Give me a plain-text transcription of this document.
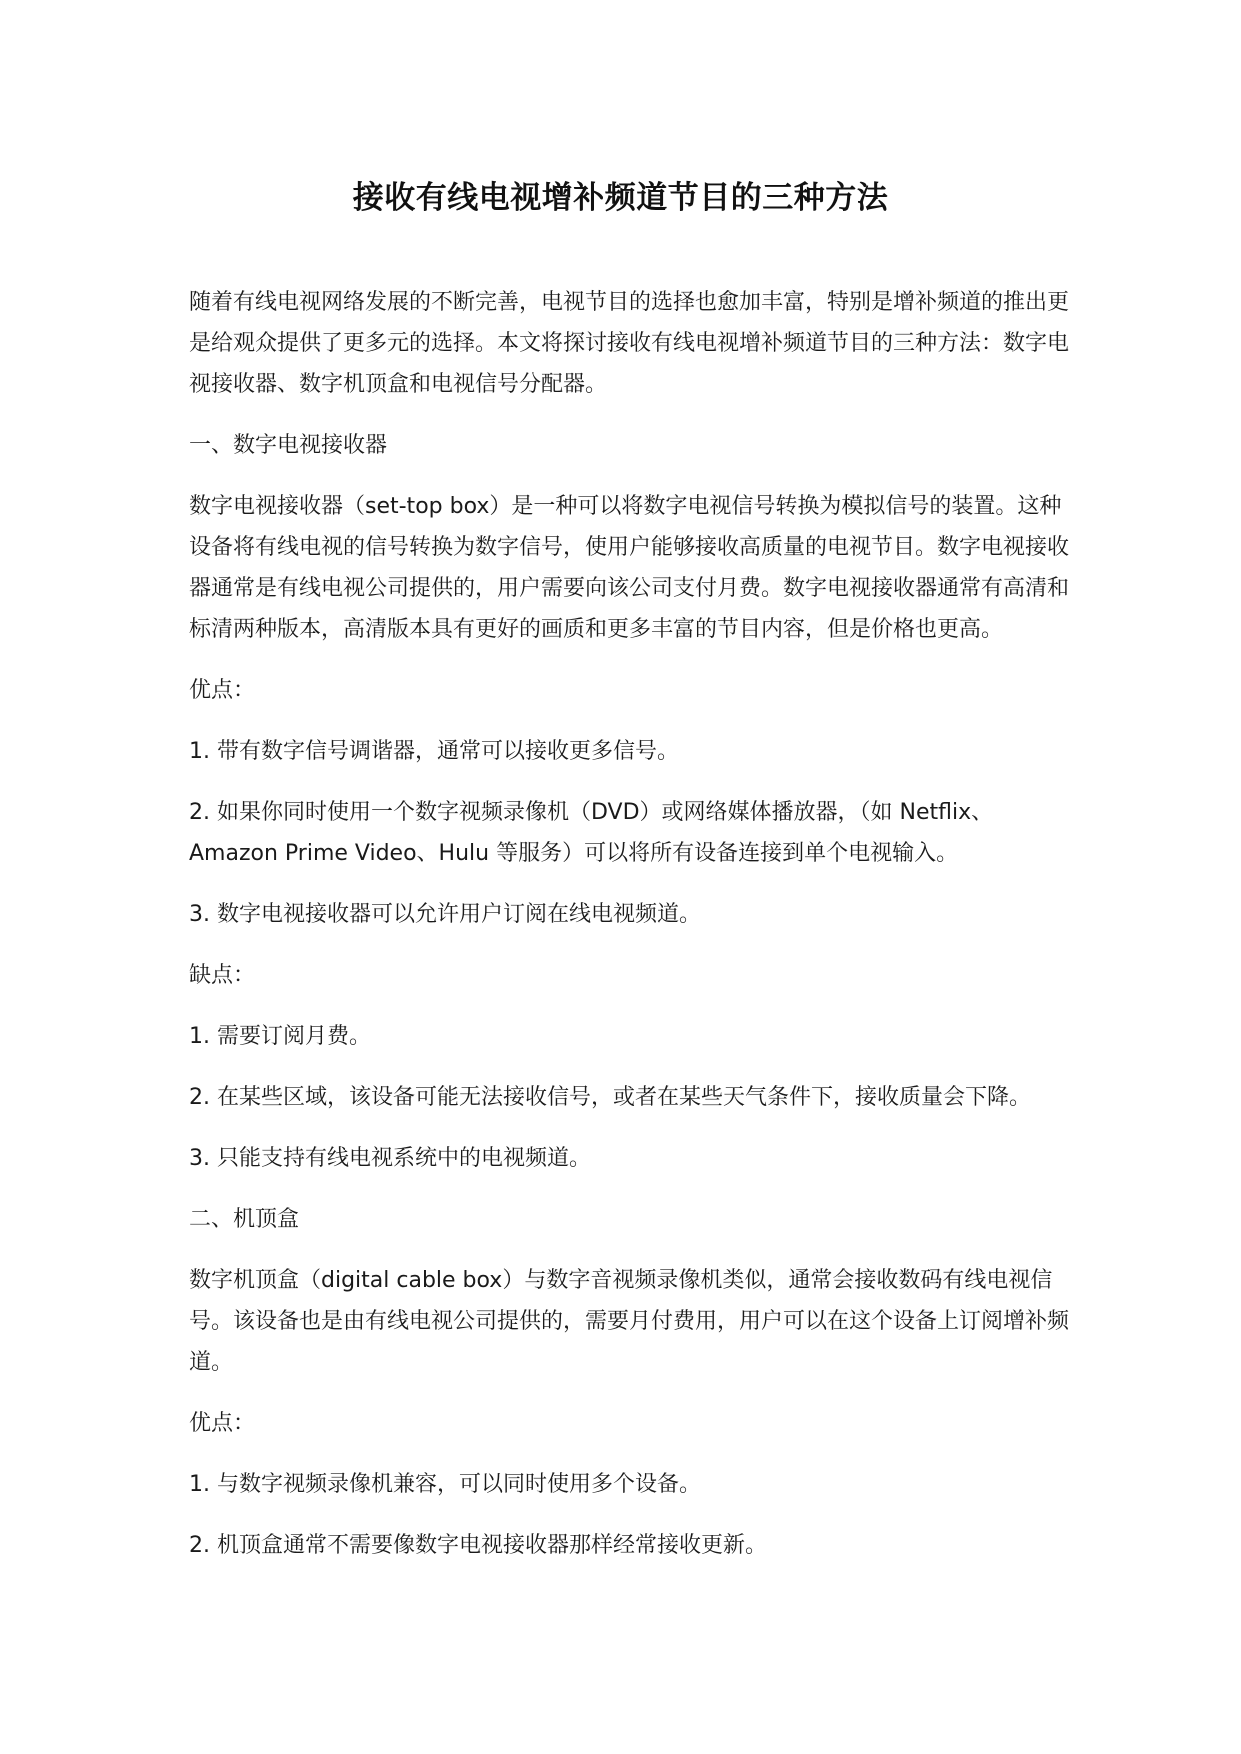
接收有线电视增补频道节目的三种方法

随着有线电视网络发展的不断完善，电视节目的选择也愈加丰富，特别是增补频道的推出更是给观众提供了更多元的选择。本文将探讨接收有线电视增补频道节目的三种方法：数字电视接收器、数字机顶盒和电视信号分配器。

一、数字电视接收器

数字电视接收器（set-top box）是一种可以将数字电视信号转换为模拟信号的装置。这种设备将有线电视的信号转换为数字信号，使用户能够接收高质量的电视节目。数字电视接收器通常是有线电视公司提供的，用户需要向该公司支付月费。数字电视接收器通常有高清和标清两种版本，高清版本具有更好的画质和更多丰富的节目内容，但是价格也更高。

优点：

1. 带有数字信号调谐器，通常可以接收更多信号。

2. 如果你同时使用一个数字视频录像机（DVD）或网络媒体播放器，（如 Netflix、Amazon Prime Video、Hulu 等服务）可以将所有设备连接到单个电视输入。

3. 数字电视接收器可以允许用户订阅在线电视频道。

缺点：

1. 需要订阅月费。

2. 在某些区域，该设备可能无法接收信号，或者在某些天气条件下，接收质量会下降。

3. 只能支持有线电视系统中的电视频道。

二、机顶盒

数字机顶盒（digital cable box）与数字音视频录像机类似，通常会接收数码有线电视信号。该设备也是由有线电视公司提供的，需要月付费用，用户可以在这个设备上订阅增补频道。

优点：

1. 与数字视频录像机兼容，可以同时使用多个设备。

2. 机顶盒通常不需要像数字电视接收器那样经常接收更新。
